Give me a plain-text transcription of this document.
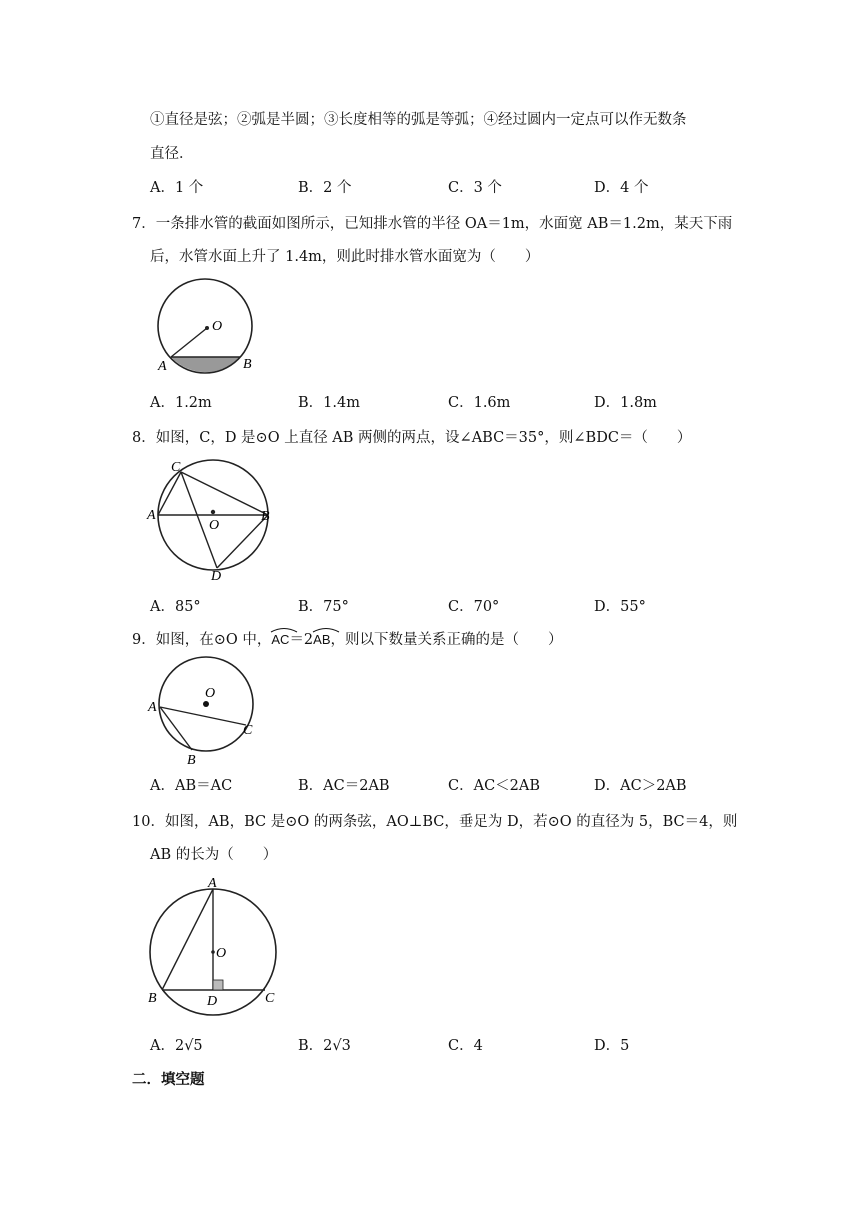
①直径是弦；②弧是半圆；③长度相等的弧是等弧；④经过圆内一定点可以作无数条
直径．
A．1 个	B．2 个	C．3 个	D．4 个
7．一条排水管的截面如图所示，已知排水管的半径 OA＝1m，水面宽 AB＝1.2m，某天下雨
后，水管水面上升了 1.4m，则此时排水管水面宽为（　　）
O
A	B
A．1.2m	B．1.4m	C．1.6m	D．1.8m
8．如图，C，D 是⊙O 上直径 AB 两侧的两点，设∠ABC＝35°，则∠BDC＝（　　）
C
A	B
D
O
A．85°	B．75°	C．70°	D．55°
9．如图，在⊙O 中，
AC＝2
AB，则以下数量关系正确的是（　　）
O
A
C
B
A．AB＝AC	B．AC＝2AB	C．AC＜2AB	D．AC＞2AB
10．如图，AB，BC 是⊙O 的两条弦，AO⊥BC，垂足为 D，若⊙O 的直径为 5，BC＝4，则
AB 的长为（　　）
A
O
B	D	C
A．2√5	B．2√3	C．4	D．5
二．填空题
